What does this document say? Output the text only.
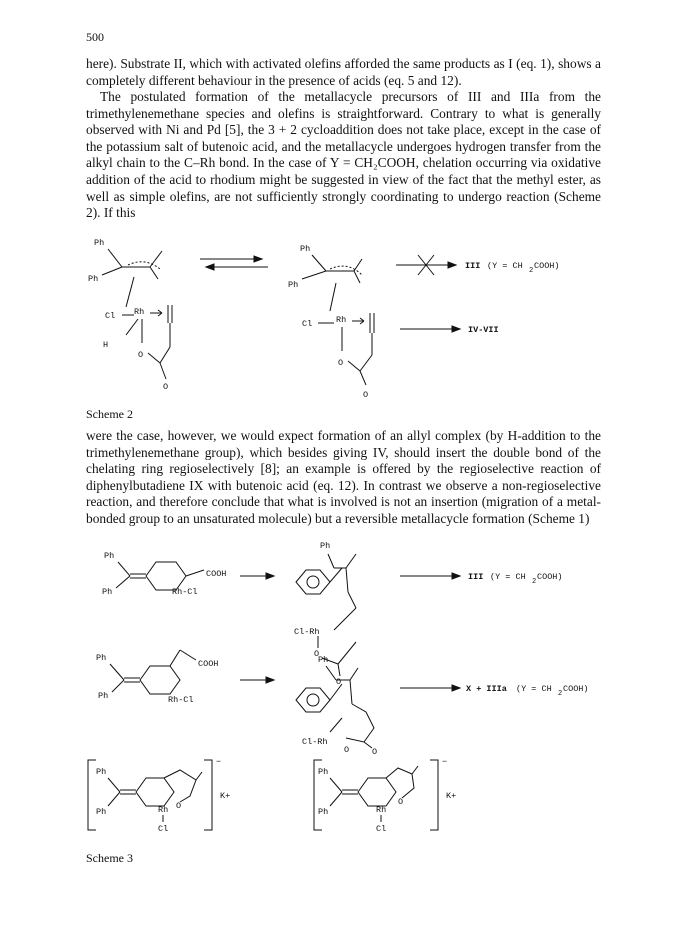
500

here). Substrate II, which with activated olefins afforded the same products as I (eq. 1), shows a completely different behaviour in the presence of acids (eq. 5 and 12).

The postulated formation of the metallacycle precursors of III and IIIa from the trimethylenemethane species and olefins is straightforward. Contrary to what is generally observed with Ni and Pd [5], the 3 + 2 cycloaddition does not take place, except in the case of the potassium salt of butenoic acid, and the metallacycle undergoes hydrogen transfer from the alkyl chain to the C–Rh bond. In the case of Y = CH₂COOH, chelation occurring via oxidative addition of the acid to rhodium might be suggested in view of the fact that the methyl ester, as well as simple olefins, are not sufficiently strongly coordinating to undergo reaction (Scheme 2). If this

Ph
Ph
Cl Rh
H
O
O
Ph
Ph
Cl	Rh
O
O
III (Y = CH 2 COOH)
IV-VII
Scheme 2

were the case, however, we would expect formation of an allyl complex (by H-addition to the trimethylenemethane group), which besides giving IV, should insert the double bond of the chelating ring regioselectively [8]; an example is offered by the regioselective reaction of diphenylbutadiene IX with butenoic acid (eq. 12). In contrast we observe a non-regioselective reaction, and therefore conclude that what is involved is not an insertion (migration of a metal-bonded group to an unsaturated molecule) but a reversible metallacycle formation (Scheme 1)

Ph
Ph
COOH
Rh-Cl
Ph
Cl-Rh
O
O
III (Y = CH 2 COOH)
Ph
Ph
COOH
Rh-Cl
Ph
Cl-Rh
O	O
X + IIIa (Y = CH 2 COOH)
−
K+
Ph
Ph
O
Rh
Cl
−
K+
Ph
Ph
O
Rh
Cl
Scheme 3
